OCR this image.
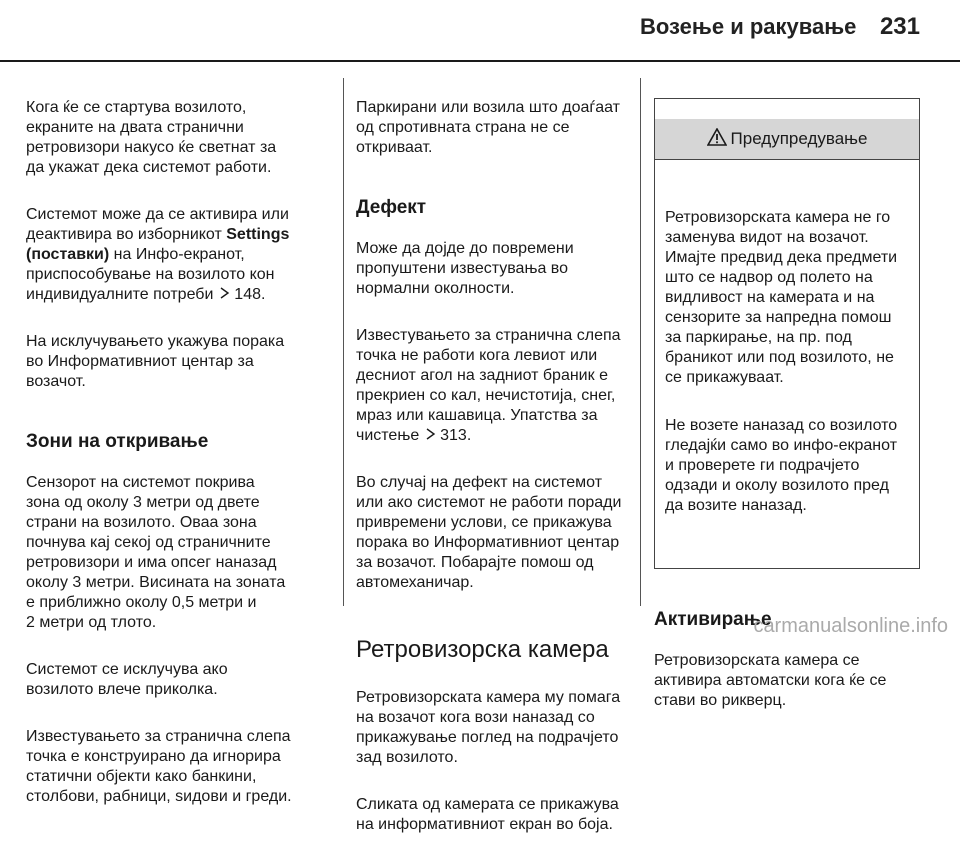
Возење и ракување 231

Кога ќе се стартува возилото,
екраните на двата странични
ретровизори накусо ќе светнат за
да укажат дека системот работи.

Системот може да се активира или
деактивира во изборникот Settings
(поставки) на Инфо-екранот,
приспособување на возилото кон
индивидуалните потреби  148.

На исклучувањето укажува порака
во Информативниот центар за
возачот.

Зони на откривање

Сензорот на системот покрива
зона од околу 3 метри од двете
страни на возилото. Оваа зона
почнува кај секој од страничните
ретровизори и има опсег наназад
околу 3 метри. Висината на зоната
е приближно околу 0,5 метри и
2 метри од тлото.

Системот се исклучува ако
возилото влече приколка.

Известувањето за странична слепа
точка е конструирано да игнорира
статични објекти како банкини,
столбови, рабници, ѕидови и греди.

Паркирани или возила што доаѓаат
од спротивната страна не се
откриваат.

Дефект

Може да дојде до повремени
пропуштени известувања во
нормални околности.

Известувањето за странична слепа
точка не работи кога левиот или
десниот агол на задниот браник е
прекриен со кал, нечистотија, снег,
мраз или кашавица. Упатства за
чистење  313.

Во случај на дефект на системот
или ако системот не работи поради
привремени услови, се прикажува
порака во Информативниот центар
за возачот. Побарајте помош од
автомеханичар.

Ретровизорска камера

Ретровизорската камера му помага
на возачот кога вози наназад со
прикажување поглед на подрачјето
зад возилото.

Сликата од камерата се прикажува
на информативниот екран во боја.

Предупредување

Ретровизорската камера не го
заменува видот на возачот.
Имајте предвид дека предмети
што се надвор од полето на
видливост на камерата и на
сензорите за напредна помош
за паркирање, на пр. под
браникот или под возилото, не
се прикажуваат.

Не возете наназад со возилото
гледајќи само во инфо-екранот
и проверете ги подрачјето
одзади и околу возилото пред
да возите наназад.

Активирање

Ретровизорската камера се
активира автоматски кога ќе се
стави во рикверц.

carmanualsonline.info
